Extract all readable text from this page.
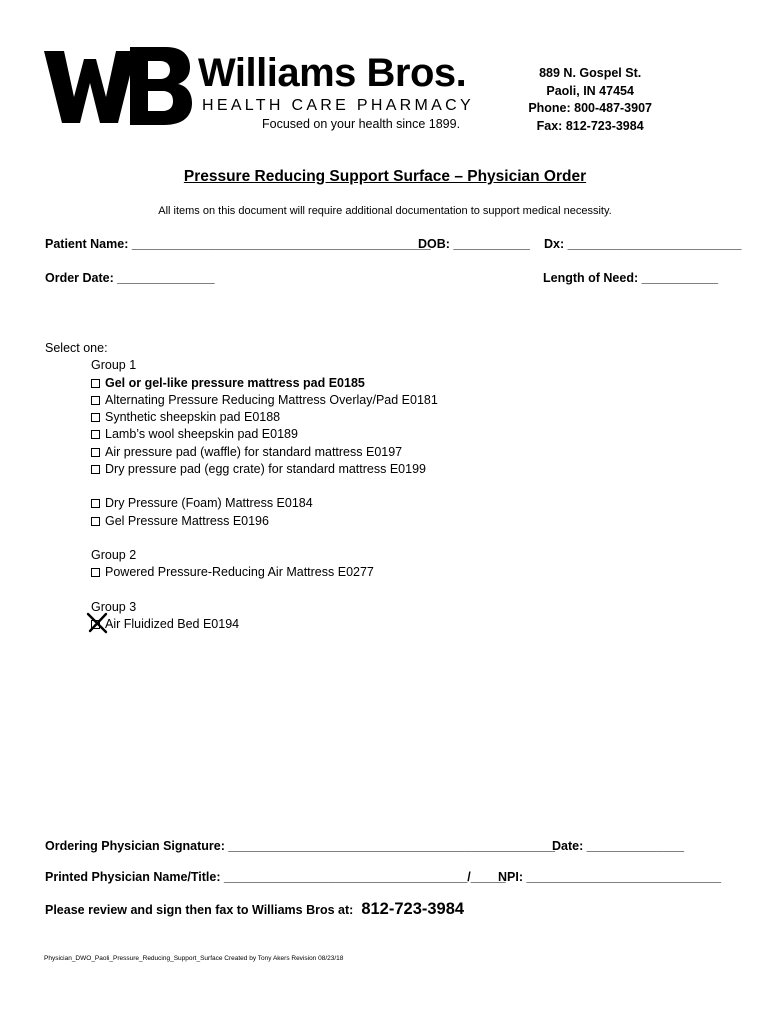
Williams Bros.
HEALTH CARE PHARMACY
Focused on your health since 1899.
889 N. Gospel St.
Paoli, IN 47454
Phone: 800-487-3907
Fax: 812-723-3984
Pressure Reducing Support Surface – Physician Order
All items on this document will require additional documentation to support medical necessity.
Patient Name: ___________________________________________
DOB: ___________ Dx: _________________________
Order Date: ______________	Length of Need: ___________
Select one:
Group 1
Gel or gel-like pressure mattress pad E0185
Alternating Pressure Reducing Mattress Overlay/Pad E0181
Synthetic sheepskin pad E0188
Lamb’s wool sheepskin pad E0189
Air pressure pad (waffle) for standard mattress E0197
Dry pressure pad (egg crate) for standard mattress E0199
Dry Pressure (Foam) Mattress E0184
Gel Pressure Mattress E0196
Group 2
Powered Pressure-Reducing Air Mattress E0277
Group 3
Air Fluidized Bed E0194
Ordering Physician Signature: _______________________________________________
Date: ______________
Printed Physician Name/Title: ___________________________________/_____
NPI: ____________________________
Please review and sign then fax to Williams Bros at: 812-723-3984
Physician_DWO_Paoli_Pressure_Reducing_Support_Surface Created by Tony Akers Revision 08/23/18
